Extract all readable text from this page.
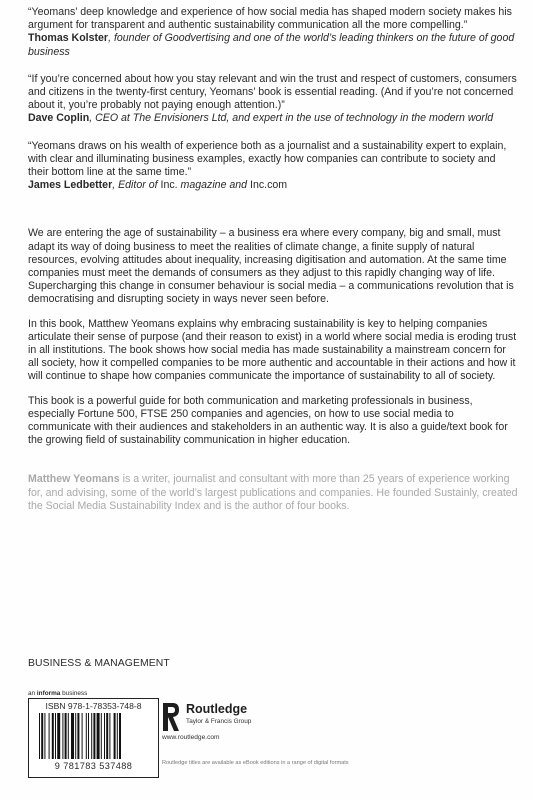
“Yeomans’ deep knowledge and experience of how social media has shaped modern society makes his argument for transparent and authentic sustainability communication all the more compelling.”
Thomas Kolster, founder of Goodvertising and one of the world’s leading thinkers on the future of good business
“If you’re concerned about how you stay relevant and win the trust and respect of customers, consumers and citizens in the twenty-first century, Yeomans’ book is essential reading. (And if you’re not concerned about it, you’re probably not paying enough attention.)”
Dave Coplin, CEO at The Envisioners Ltd, and expert in the use of technology in the modern world
“Yeomans draws on his wealth of experience both as a journalist and a sustainability expert to explain, with clear and illuminating business examples, exactly how companies can contribute to society and their bottom line at the same time.”
James Ledbetter, Editor of Inc. magazine and Inc.com

We are entering the age of sustainability – a business era where every company, big and small, must adapt its way of doing business to meet the realities of climate change, a finite supply of natural resources, evolving attitudes about inequality, increasing digitisation and automation. At the same time companies must meet the demands of consumers as they adjust to this rapidly changing way of life. Supercharging this change in consumer behaviour is social media – a communications revolution that is democratising and disrupting society in ways never seen before.

In this book, Matthew Yeomans explains why embracing sustainability is key to helping companies articulate their sense of purpose (and their reason to exist) in a world where social media is eroding trust in all institutions. The book shows how social media has made sustainability a mainstream concern for all society, how it compelled companies to be more authentic and accountable in their actions and how it will continue to shape how companies communicate the importance of sustainability to all of society.

This book is a powerful guide for both communication and marketing professionals in business, especially Fortune 500, FTSE 250 companies and agencies, on how to use social media to communicate with their audiences and stakeholders in an authentic way. It is also a guide/text book for the growing field of sustainability communication in higher education.

Matthew Yeomans is a writer, journalist and consultant with more than 25 years of experience working for, and advising, some of the world’s largest publications and companies. He founded Sustainly, created the Social Media Sustainability Index and is the author of four books.
BUSINESS & MANAGEMENT
an informa business
ISBN 978-1-78353-748-8
9 781783 537488
Routledge
Taylor & Francis Group
www.routledge.com
Routledge titles are available as eBook editions in a range of digital formats
